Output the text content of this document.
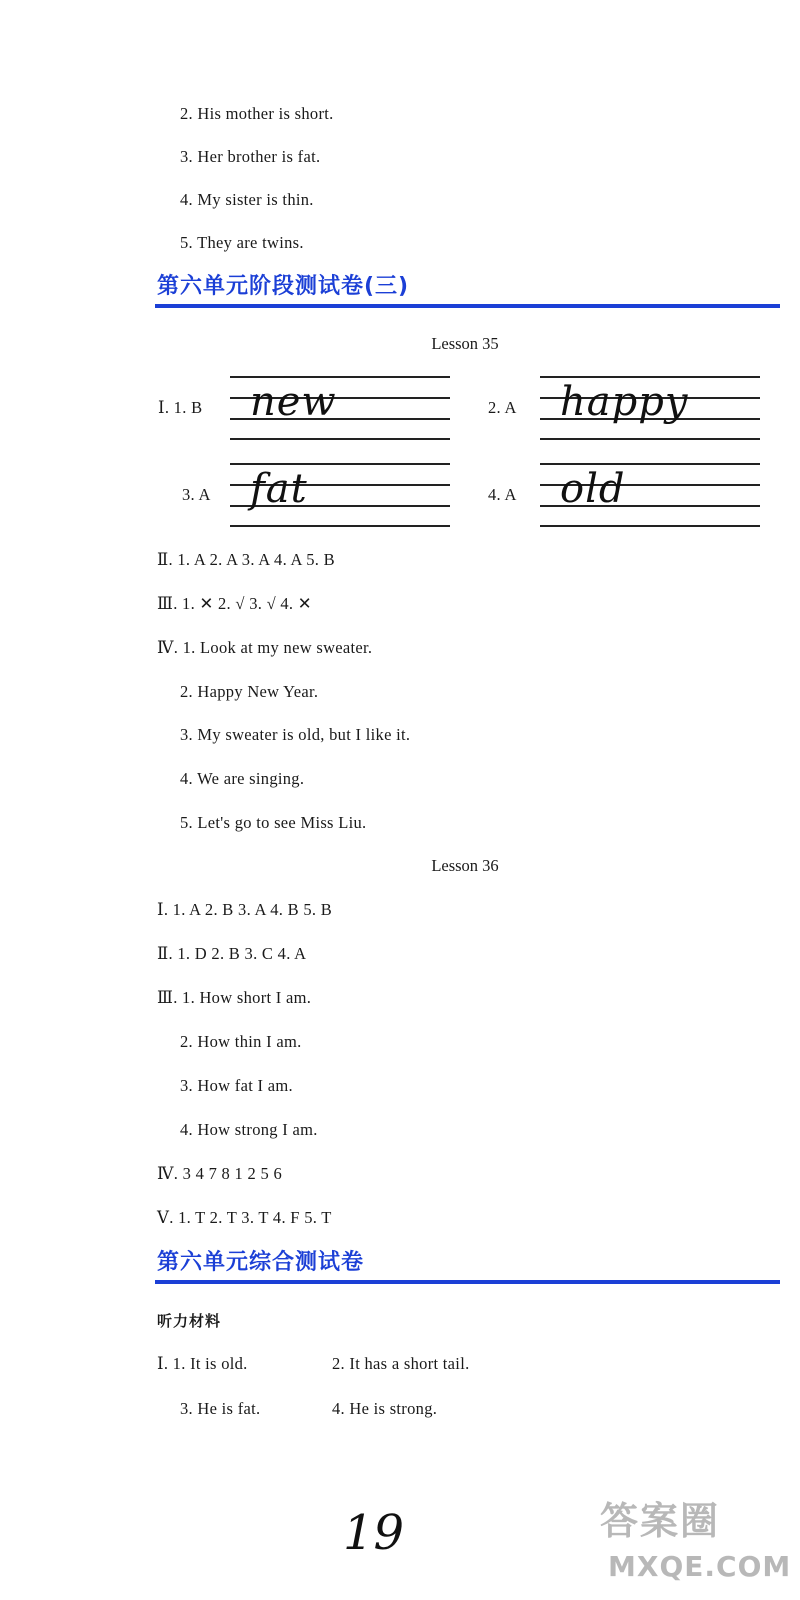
2. His mother is short.
3. Her brother is fat.
4. My sister is thin.
5. They are twins.
第六单元阶段测试卷(三)
Lesson 35
Ⅰ. 1. B new	2. A happy
3. A fat	4. A old
Ⅱ. 1. A 2. A 3. A 4. A 5. B
Ⅲ. 1. ✕ 2. √ 3. √ 4. ✕
Ⅳ. 1. Look at my new sweater.
2. Happy New Year.
3. My sweater is old, but I like it.
4. We are singing.
5. Let's go to see Miss Liu.
Lesson 36
Ⅰ. 1. A 2. B 3. A 4. B 5. B
Ⅱ. 1. D 2. B 3. C 4. A
Ⅲ. 1. How short I am.
2. How thin I am.
3. How fat I am.
4. How strong I am.
Ⅳ. 3 4 7 8 1 2 5 6
Ⅴ. 1. T 2. T 3. T 4. F 5. T
第六单元综合测试卷
听力材料
Ⅰ. 1. It is old.	2. It has a short tail.
3. He is fat.	4. He is strong.
19	答案圈
MXQE.COM
